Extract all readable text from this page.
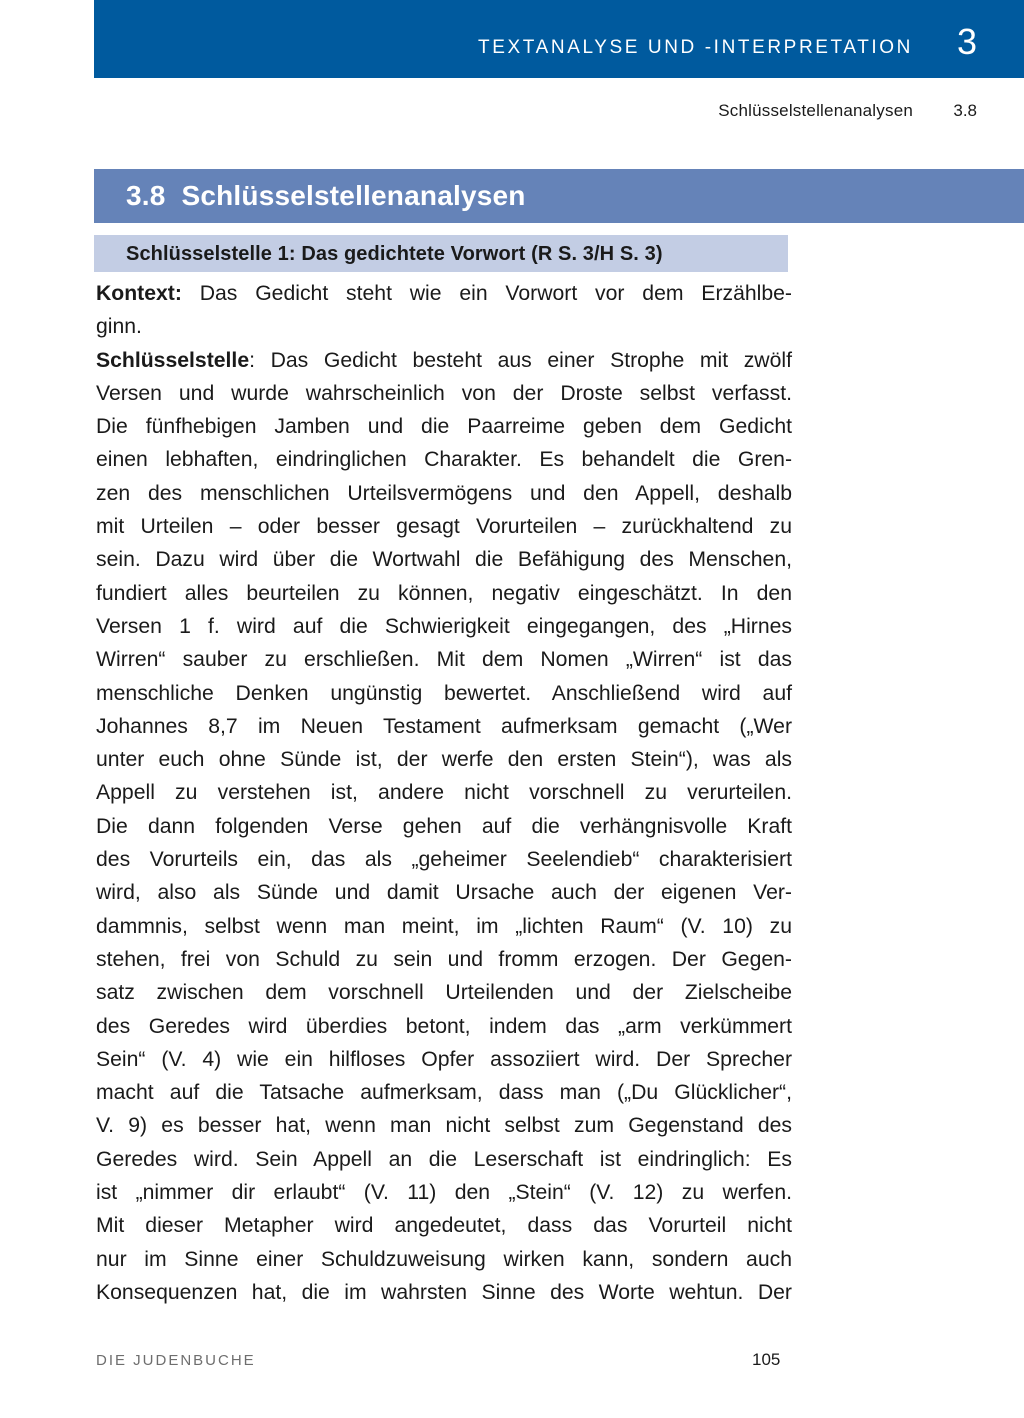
TEXTANALYSE UND -INTERPRETATION 3
Schlüsselstellenanalysen 3.8
3.8  Schlüsselstellenanalysen
Schlüsselstelle 1: Das gedichtete Vorwort (R S. 3/H S. 3)
Kontext: Das Gedicht steht wie ein Vorwort vor dem Erzählbe-
ginn.
Schlüsselstelle: Das Gedicht besteht aus einer Strophe mit zwölf
Versen und wurde wahrscheinlich von der Droste selbst verfasst.
Die fünfhebigen Jamben und die Paarreime geben dem Gedicht
einen lebhaften, eindringlichen Charakter. Es behandelt die Gren-
zen des menschlichen Urteilsvermögens und den Appell, deshalb
mit Urteilen – oder besser gesagt Vorurteilen – zurückhaltend zu
sein. Dazu wird über die Wortwahl die Befähigung des Menschen,
fundiert alles beurteilen zu können, negativ eingeschätzt. In den
Versen 1 f. wird auf die Schwierigkeit eingegangen, des „Hirnes
Wirren“ sauber zu erschließen. Mit dem Nomen „Wirren“ ist das
menschliche Denken ungünstig bewertet. Anschließend wird auf
Johannes 8,7 im Neuen Testament aufmerksam gemacht („Wer
unter euch ohne Sünde ist, der werfe den ersten Stein“), was als
Appell zu verstehen ist, andere nicht vorschnell zu verurteilen.
Die dann folgenden Verse gehen auf die verhängnisvolle Kraft
des Vorurteils ein, das als „geheimer Seelendieb“ charakterisiert
wird, also als Sünde und damit Ursache auch der eigenen Ver-
dammnis, selbst wenn man meint, im „lichten Raum“ (V. 10) zu
stehen, frei von Schuld zu sein und fromm erzogen. Der Gegen-
satz zwischen dem vorschnell Urteilenden und der Zielscheibe
des Geredes wird überdies betont, indem das „arm verkümmert
Sein“ (V. 4) wie ein hilfloses Opfer assoziiert wird. Der Sprecher
macht auf die Tatsache aufmerksam, dass man („Du Glücklicher“,
V. 9) es besser hat, wenn man nicht selbst zum Gegenstand des
Geredes wird. Sein Appell an die Leserschaft ist eindringlich: Es
ist „nimmer dir erlaubt“ (V. 11) den „Stein“ (V. 12) zu werfen.
Mit dieser Metapher wird angedeutet, dass das Vorurteil nicht
nur im Sinne einer Schuldzuweisung wirken kann, sondern auch
Konsequenzen hat, die im wahrsten Sinne des Worte wehtun. Der
DIE JUDENBUCHE	105
